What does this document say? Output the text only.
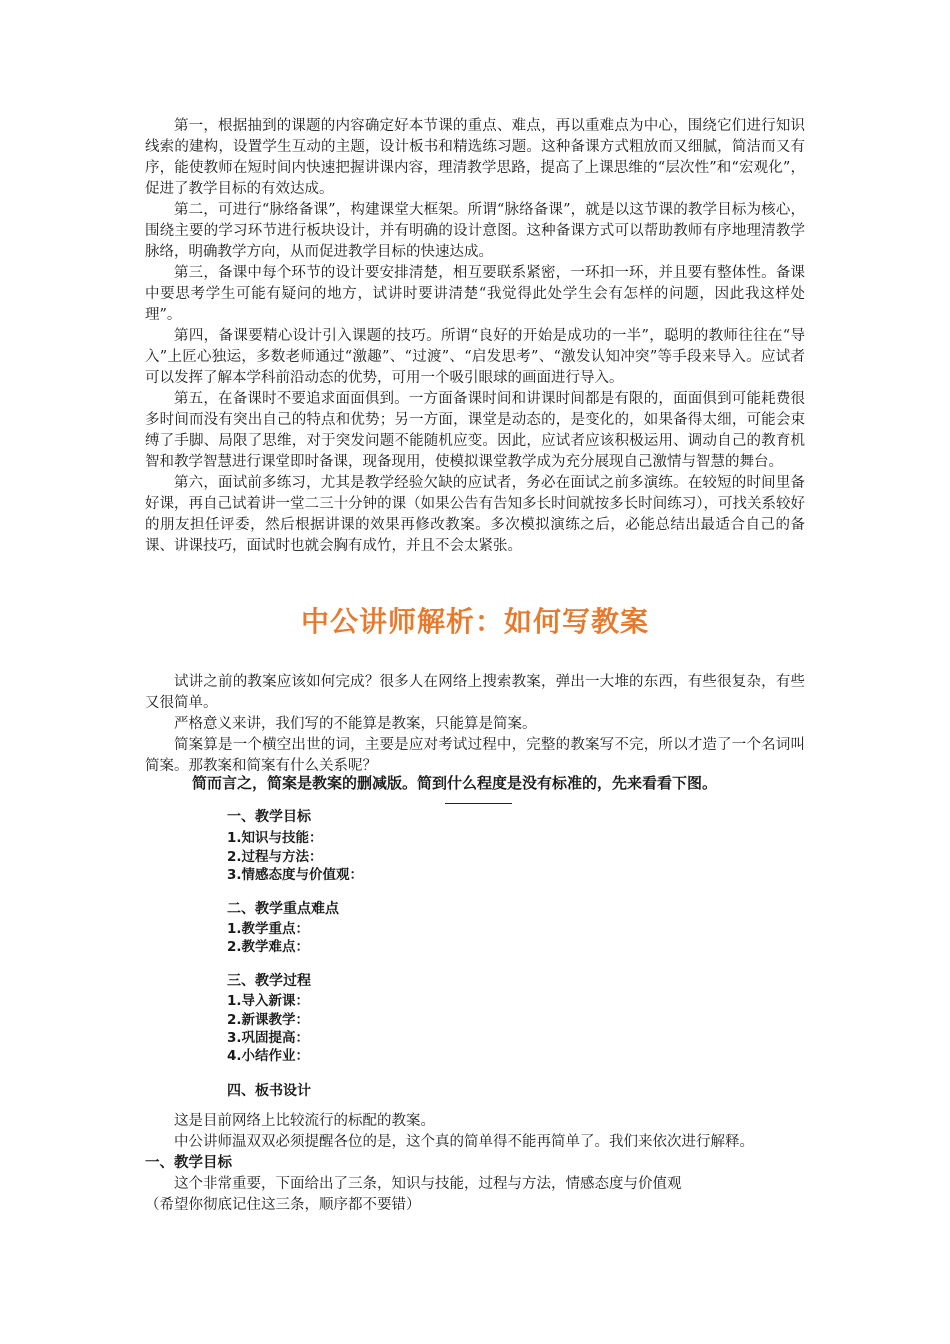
第一，根据抽到的课题的内容确定好本节课的重点、难点，再以重难点为中心，围绕它们进行知识线索的建构，设置学生互动的主题，设计板书和精选练习题。这种备课方式粗放而又细腻，简洁而又有序，能使教师在短时间内快速把握讲课内容，理清教学思路，提高了上课思维的“层次性”和“宏观化”，促进了教学目标的有效达成。

第二，可进行“脉络备课”，构建课堂大框架。所谓“脉络备课”，就是以这节课的教学目标为核心，围绕主要的学习环节进行板块设计，并有明确的设计意图。这种备课方式可以帮助教师有序地理清教学脉络，明确教学方向，从而促进教学目标的快速达成。

第三，备课中每个环节的设计要安排清楚，相互要联系紧密，一环扣一环，并且要有整体性。备课中要思考学生可能有疑问的地方，试讲时要讲清楚“我觉得此处学生会有怎样的问题，因此我这样处理”。

第四，备课要精心设计引入课题的技巧。所谓“良好的开始是成功的一半”，聪明的教师往往在“导入”上匠心独运，多数老师通过“激趣”、“过渡”、“启发思考”、“激发认知冲突”等手段来导入。应试者可以发挥了解本学科前沿动态的优势，可用一个吸引眼球的画面进行导入。

第五，在备课时不要追求面面俱到。一方面备课时间和讲课时间都是有限的，面面俱到可能耗费很多时间而没有突出自己的特点和优势；另一方面，课堂是动态的，是变化的，如果备得太细，可能会束缚了手脚、局限了思维，对于突发问题不能随机应变。因此，应试者应该积极运用、调动自己的教育机智和教学智慧进行课堂即时备课，现备现用，使模拟课堂教学成为充分展现自己激情与智慧的舞台。

第六，面试前多练习，尤其是教学经验欠缺的应试者，务必在面试之前多演练。在较短的时间里备好课，再自己试着讲一堂二三十分钟的课（如果公告有告知多长时间就按多长时间练习），可找关系较好的朋友担任评委，然后根据讲课的效果再修改教案。多次模拟演练之后，必能总结出最适合自己的备课、讲课技巧，面试时也就会胸有成竹，并且不会太紧张。

中公讲师解析：如何写教案

试讲之前的教案应该如何完成？很多人在网络上搜索教案，弹出一大堆的东西，有些很复杂，有些又很简单。

严格意义来讲，我们写的不能算是教案，只能算是简案。

简案算是一个横空出世的词，主要是应对考试过程中，完整的教案写不完，所以才造了一个名词叫简案。那教案和简案有什么关系呢？

简而言之，简案是教案的删减版。简到什么程度是没有标准的，先来看看下图。
一、教学目标
1.知识与技能：
2.过程与方法：
3.情感态度与价值观：
二、教学重点难点
1.教学重点：
2.教学难点：
三、教学过程
1.导入新课：
2.新课教学：
3.巩固提高：
4.小结作业：
四、板书设计

这是目前网络上比较流行的标配的教案。

中公讲师温双双必须提醒各位的是，这个真的简单得不能再简单了。我们来依次进行解释。

一、教学目标

这个非常重要，下面给出了三条，知识与技能，过程与方法，情感态度与价值观

（希望你彻底记住这三条，顺序都不要错）
